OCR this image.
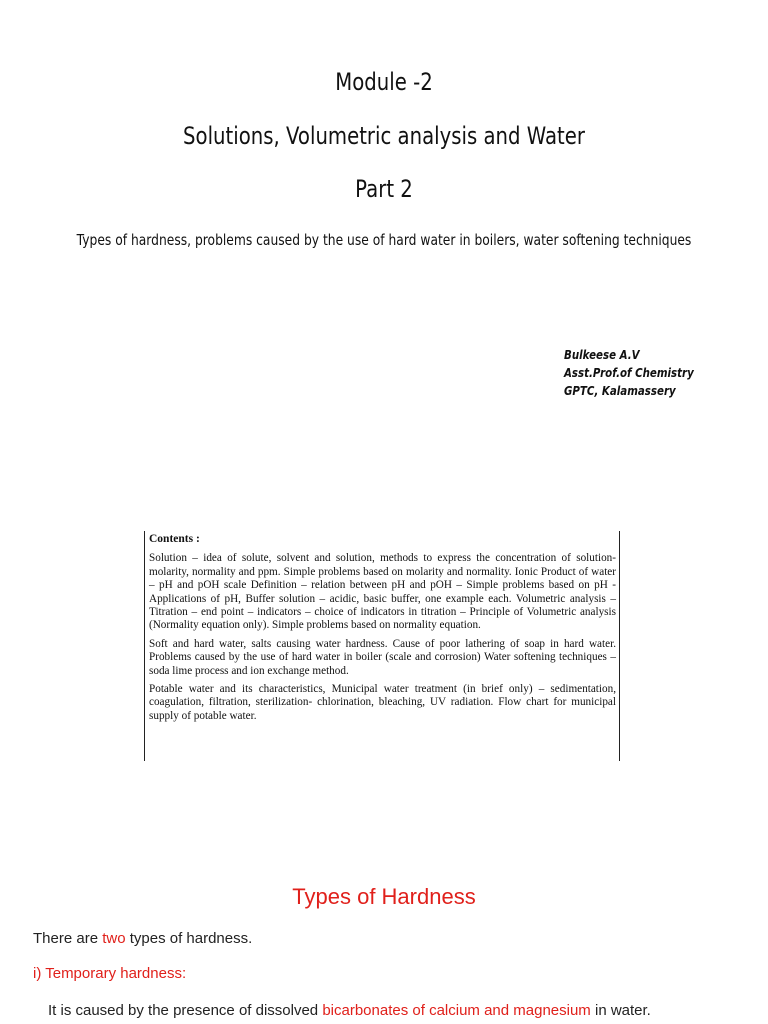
Module -2
Solutions, Volumetric analysis and Water
Part 2
Types of hardness, problems caused by the use of hard water in boilers, water softening techniques
Bulkeese A.V
Asst.Prof.of Chemistry
GPTC, Kalamassery
Contents :

Solution – idea of solute, solvent and solution, methods to express the concentration of solution- molarity, normality and ppm. Simple problems based on molarity and normality. Ionic Product of water – pH and pOH scale Definition – relation between pH and pOH – Simple problems based on pH - Applications of pH, Buffer solution – acidic, basic buffer, one example each. Volumetric analysis – Titration – end point – indicators – choice of indicators in titration – Principle of Volumetric analysis (Normality equation only). Simple problems based on normality equation.

Soft and hard water, salts causing water hardness. Cause of poor lathering of soap in hard water. Problems caused by the use of hard water in boiler (scale and corrosion) Water softening techniques – soda lime process and ion exchange method.

Potable water and its characteristics, Municipal water treatment (in brief only) – sedimentation, coagulation, filtration, sterilization- chlorination, bleaching, UV radiation. Flow chart for municipal supply of potable water.

Types of Hardness
There are two types of hardness.
i) Temporary hardness:
It is caused by the presence of dissolved bicarbonates of calcium and magnesium in water.
